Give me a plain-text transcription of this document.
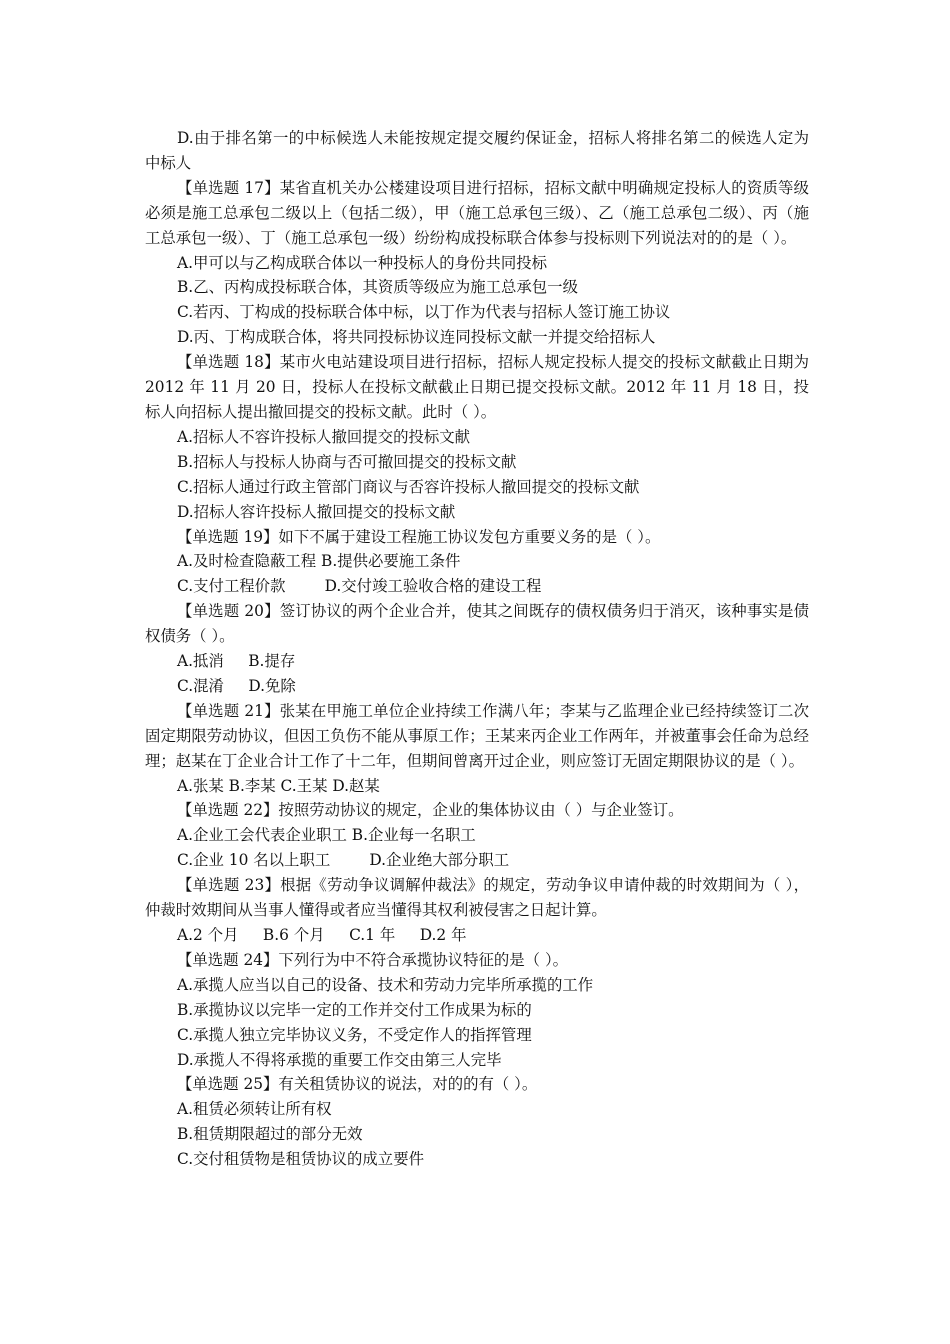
D.由于排名第一的中标候选人未能按规定提交履约保证金，招标人将排名第二的候选人定为中标人

【单选题 17】某省直机关办公楼建设项目进行招标，招标文献中明确规定投标人的资质等级必须是施工总承包二级以上（包括二级），甲（施工总承包三级）、乙（施工总承包二级）、丙（施工总承包一级）、丁（施工总承包一级）纷纷构成投标联合体参与投标则下列说法对的的是（ ）。

A.甲可以与乙构成联合体以一种投标人的身份共同投标

B.乙、丙构成投标联合体，其资质等级应为施工总承包一级

C.若丙、丁构成的投标联合体中标，以丁作为代表与招标人签订施工协议

D.丙、丁构成联合体，将共同投标协议连同投标文献一并提交给招标人

【单选题 18】某市火电站建设项目进行招标，招标人规定投标人提交的投标文献截止日期为 2012 年 11 月 20 日，投标人在投标文献截止日期已提交投标文献。2012 年 11 月 18 日，投标人向招标人提出撤回提交的投标文献。此时（ ）。

A.招标人不容许投标人撤回提交的投标文献

B.招标人与投标人协商与否可撤回提交的投标文献

C.招标人通过行政主管部门商议与否容许投标人撤回提交的投标文献

D.招标人容许投标人撤回提交的投标文献

【单选题 19】如下不属于建设工程施工协议发包方重要义务的是（ ）。

A.及时检查隐蔽工程 B.提供必要施工条件

C.支付工程价款        D.交付竣工验收合格的建设工程

【单选题 20】签订协议的两个企业合并，使其之间既存的债权债务归于消灭，该种事实是债权债务（ ）。

A.抵消     B.提存

C.混淆     D.免除

【单选题 21】张某在甲施工单位企业持续工作满八年；李某与乙监理企业已经持续签订二次固定期限劳动协议，但因工负伤不能从事原工作；王某来丙企业工作两年，并被董事会任命为总经理；赵某在丁企业合计工作了十二年，但期间曾离开过企业，则应签订无固定期限协议的是（ ）。

A.张某 B.李某 C.王某 D.赵某

【单选题 22】按照劳动协议的规定，企业的集体协议由（ ）与企业签订。

A.企业工会代表企业职工 B.企业每一名职工

C.企业 10 名以上职工        D.企业绝大部分职工

【单选题 23】根据《劳动争议调解仲裁法》的规定，劳动争议申请仲裁的时效期间为（ ），仲裁时效期间从当事人懂得或者应当懂得其权利被侵害之日起计算。

A.2 个月     B.6 个月     C.1 年     D.2 年

【单选题 24】下列行为中不符合承揽协议特征的是（ ）。

A.承揽人应当以自己的设备、技术和劳动力完毕所承揽的工作

B.承揽协议以完毕一定的工作并交付工作成果为标的

C.承揽人独立完毕协议义务，不受定作人的指挥管理

D.承揽人不得将承揽的重要工作交由第三人完毕

【单选题 25】有关租赁协议的说法，对的的有（ ）。

A.租赁必须转让所有权

B.租赁期限超过的部分无效

C.交付租赁物是租赁协议的成立要件
